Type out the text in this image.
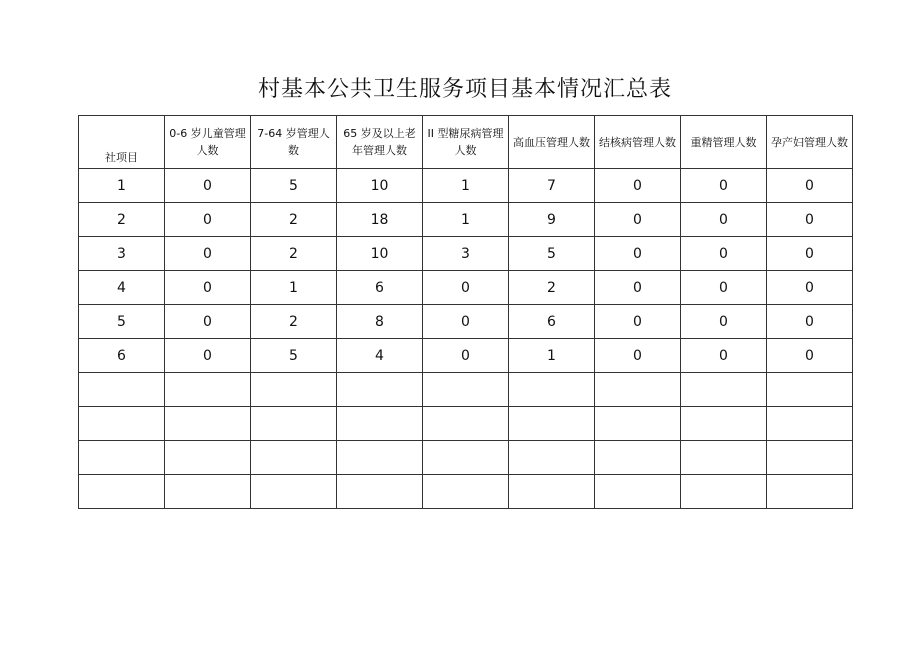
村基本公共卫生服务项目基本情况汇总表
社项目	0-6 岁儿童管理人数	7-64 岁管理人数	65 岁及以上老年管理人数	II 型糖尿病管理人数	高血压管理人数	结核病管理人数	重精管理人数	孕产妇管理人数

1	0	5	10	1	7	0	0	0
2	0	2	18	1	9	0	0	0
3	0	2	10	3	5	0	0	0
4	0	1	6	0	2	0	0	0
5	0	2	8	0	6	0	0	0
6	0	5	4	0	1	0	0	0
